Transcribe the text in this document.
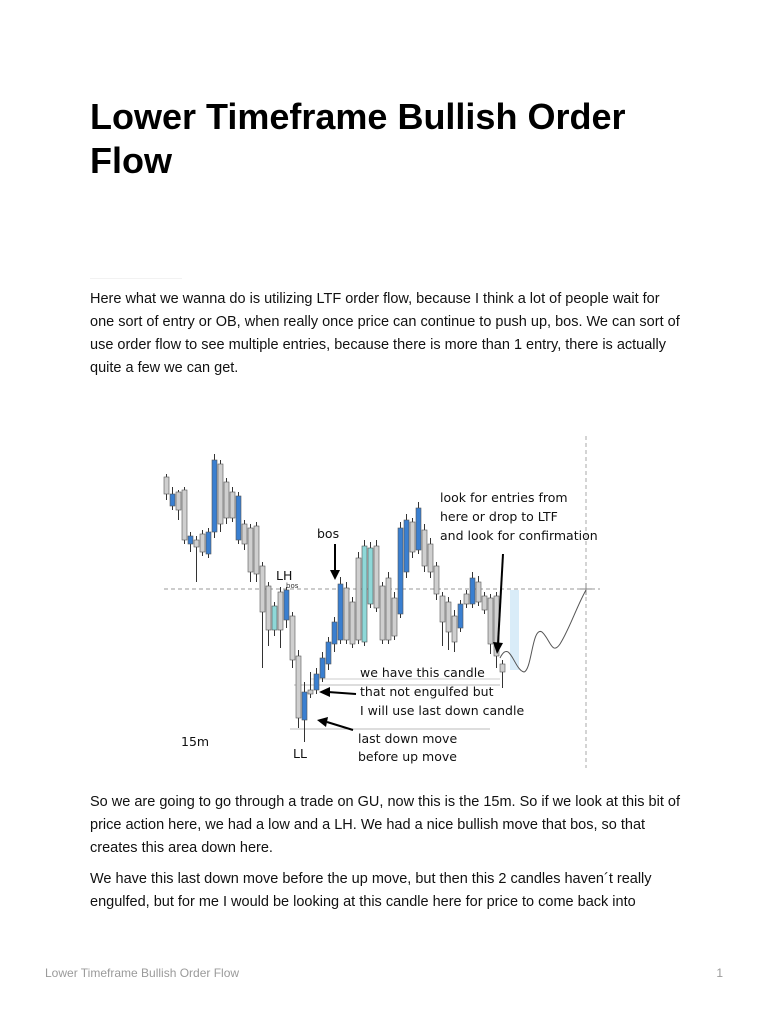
Lower Timeframe Bullish Order Flow

Here what we wanna do is utilizing LTF order flow, because I think a lot of people wait for one sort of entry or OB, when really once price can continue to push up, bos. We can sort of use order flow to see multiple entries, because there is more than 1 entry, there is actually quite a few we can get.

look for entries from
here or drop to LTF
and look for confirmation
bos
LH
bos
we have this candle
that not engulfed but
I will use last down candle
last down move
before up move
15m
LL

So we are going to go through a trade on GU, now this is the 15m. So if we look at this bit of price action here, we had a low and a LH. We had a nice bullish move that bos, so that creates this area down here.

We have this last down move before the up move, but then this 2 candles haven´t really engulfed, but for me I would be looking at this candle here for price to come back into

Lower Timeframe Bullish Order Flow	1
